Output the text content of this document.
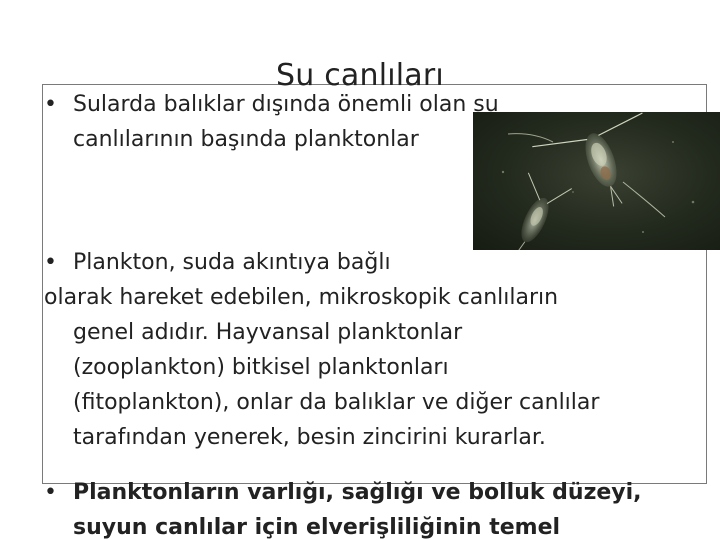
Su canlıları
• Sularda balıklar dışında önemli olan su
canlılarının başında planktonlar
• Plankton, suda akıntıya bağlı
olarak hareket edebilen, mikroskopik canlıların
genel adıdır. Hayvansal planktonlar
(zooplankton) bitkisel planktonları
(fitoplankton), onlar da balıklar ve diğer canlılar
tarafından yenerek, besin zincirini kurarlar.
• Planktonların varlığı, sağlığı ve bolluk düzeyi,
suyun canlılar için elverişliliğinin temel
